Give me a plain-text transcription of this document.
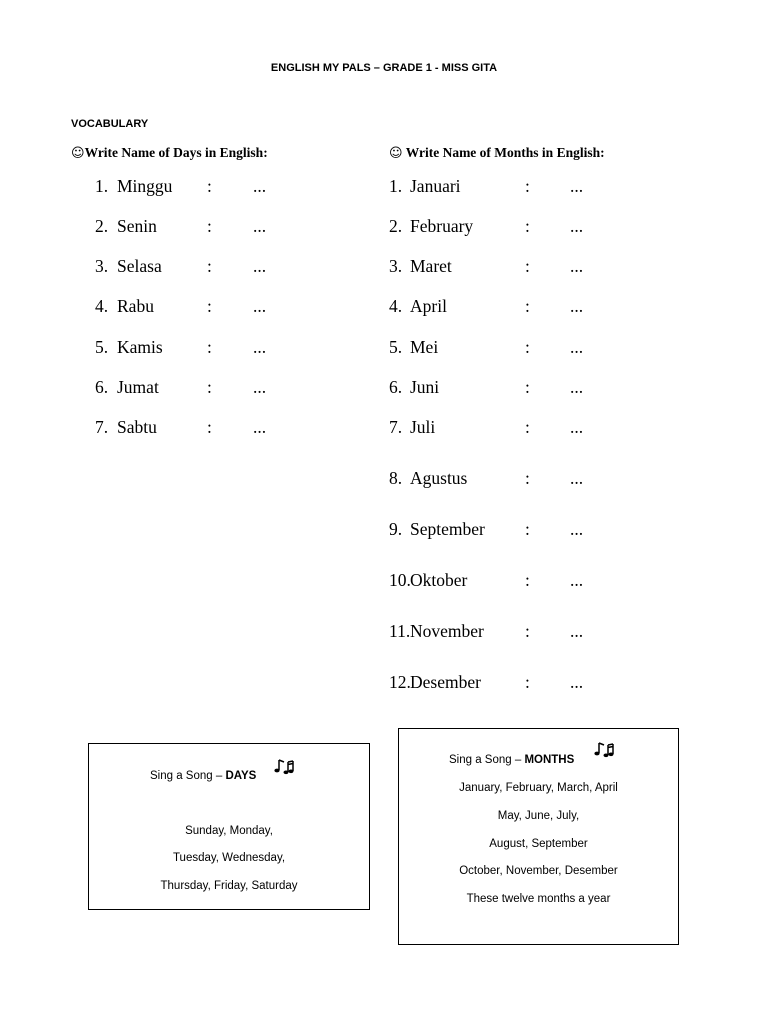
ENGLISH MY PALS – GRADE 1 - MISS GITA
VOCABULARY
☺Write Name of Days in English:	☺ Write Name of Months in English:
1. Minggu : ...
2. Senin	: ...
3. Selasa	: ...
4. Rabu	: ...
5. Kamis	: ...
6. Jumat	: ...
7. Sabtu	: ...
1. Januari	: ...
2. February	: ...
3. Maret	: ...
4. April	: ...
5. Mei	: ...
6. Juni	: ...
7. Juli	: ...
8. Agustus	: ...
9. September : ...
10. Oktober	: ...
11. November : ...
12. Desember	: ...
Sing a Song – DAYS
Sunday, Monday,
Tuesday, Wednesday,
Thursday, Friday, Saturday
Sing a Song – MONTHS
January, February, March, April
May, June, July,
August, September
October, November, Desember
These twelve months a year
